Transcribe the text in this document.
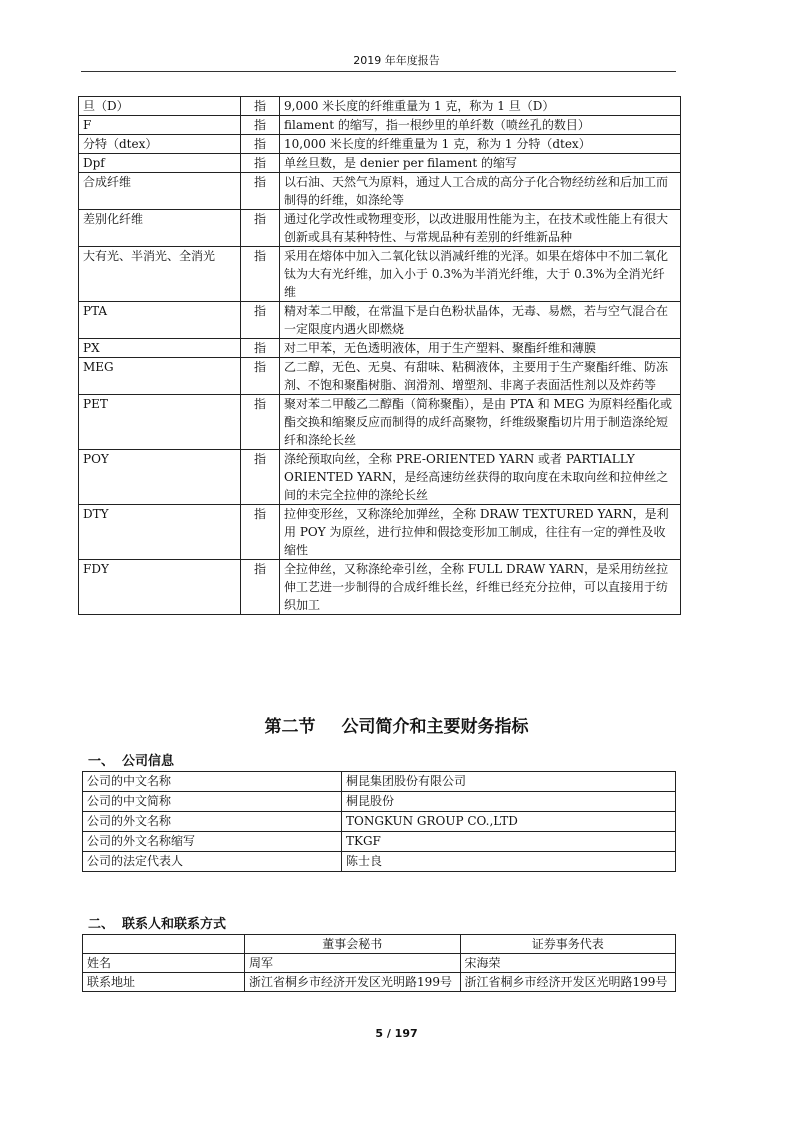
2019 年年度报告
旦（D）	指	9,000 米长度的纤维重量为 1 克，称为 1 旦（D）
F	指	filament 的缩写，指一根纱里的单纤数（喷丝孔的数目）
分特（dtex）	指	10,000 米长度的纤维重量为 1 克，称为 1 分特（dtex）
Dpf	指	单丝旦数，是 denier per filament 的缩写
合成纤维	指	以石油、天然气为原料，通过人工合成的高分子化合物经纺丝和后加工而制得的纤维，如涤纶等
差别化纤维	指	通过化学改性或物理变形，以改进服用性能为主，在技术或性能上有很大创新或具有某种特性、与常规品种有差别的纤维新品种
大有光、半消光、全消光	指	采用在熔体中加入二氧化钛以消减纤维的光泽。如果在熔体中不加二氧化钛为大有光纤维，加入小于 0.3%为半消光纤维，大于 0.3%为全消光纤维
PTA	指	精对苯二甲酸，在常温下是白色粉状晶体，无毒、易燃，若与空气混合在一定限度内遇火即燃烧
PX	指	对二甲苯，无色透明液体，用于生产塑料、聚酯纤维和薄膜
MEG	指	乙二醇，无色、无臭、有甜味、粘稠液体，主要用于生产聚酯纤维、防冻剂、不饱和聚酯树脂、润滑剂、增塑剂、非离子表面活性剂以及炸药等
PET	指	聚对苯二甲酸乙二醇酯（简称聚酯），是由 PTA 和 MEG 为原料经酯化或酯交换和缩聚反应而制得的成纤高聚物，纤维级聚酯切片用于制造涤纶短纤和涤纶长丝
POY	指	涤纶预取向丝，全称 PRE-ORIENTED YARN 或者 PARTIALLY ORIENTED YARN，是经高速纺丝获得的取向度在未取向丝和拉伸丝之间的未完全拉伸的涤纶长丝
DTY	指	拉伸变形丝，又称涤纶加弹丝，全称 DRAW TEXTURED YARN，是利用 POY 为原丝，进行拉伸和假捻变形加工制成，往往有一定的弹性及收缩性
FDY	指	全拉伸丝，又称涤纶牵引丝，全称 FULL DRAW YARN，是采用纺丝拉伸工艺进一步制得的合成纤维长丝，纤维已经充分拉伸，可以直接用于纺织加工
第二节 公司简介和主要财务指标
一、 公司信息
公司的中文名称	桐昆集团股份有限公司
公司的中文简称	桐昆股份
公司的外文名称	TONGKUN GROUP CO.,LTD
公司的外文名称缩写	TKGF
公司的法定代表人	陈士良
二、 联系人和联系方式
	董事会秘书	证券事务代表
姓名	周军	宋海荣
联系地址	浙江省桐乡市经济开发区光明路199号	浙江省桐乡市经济开发区光明路199号
5 / 197
